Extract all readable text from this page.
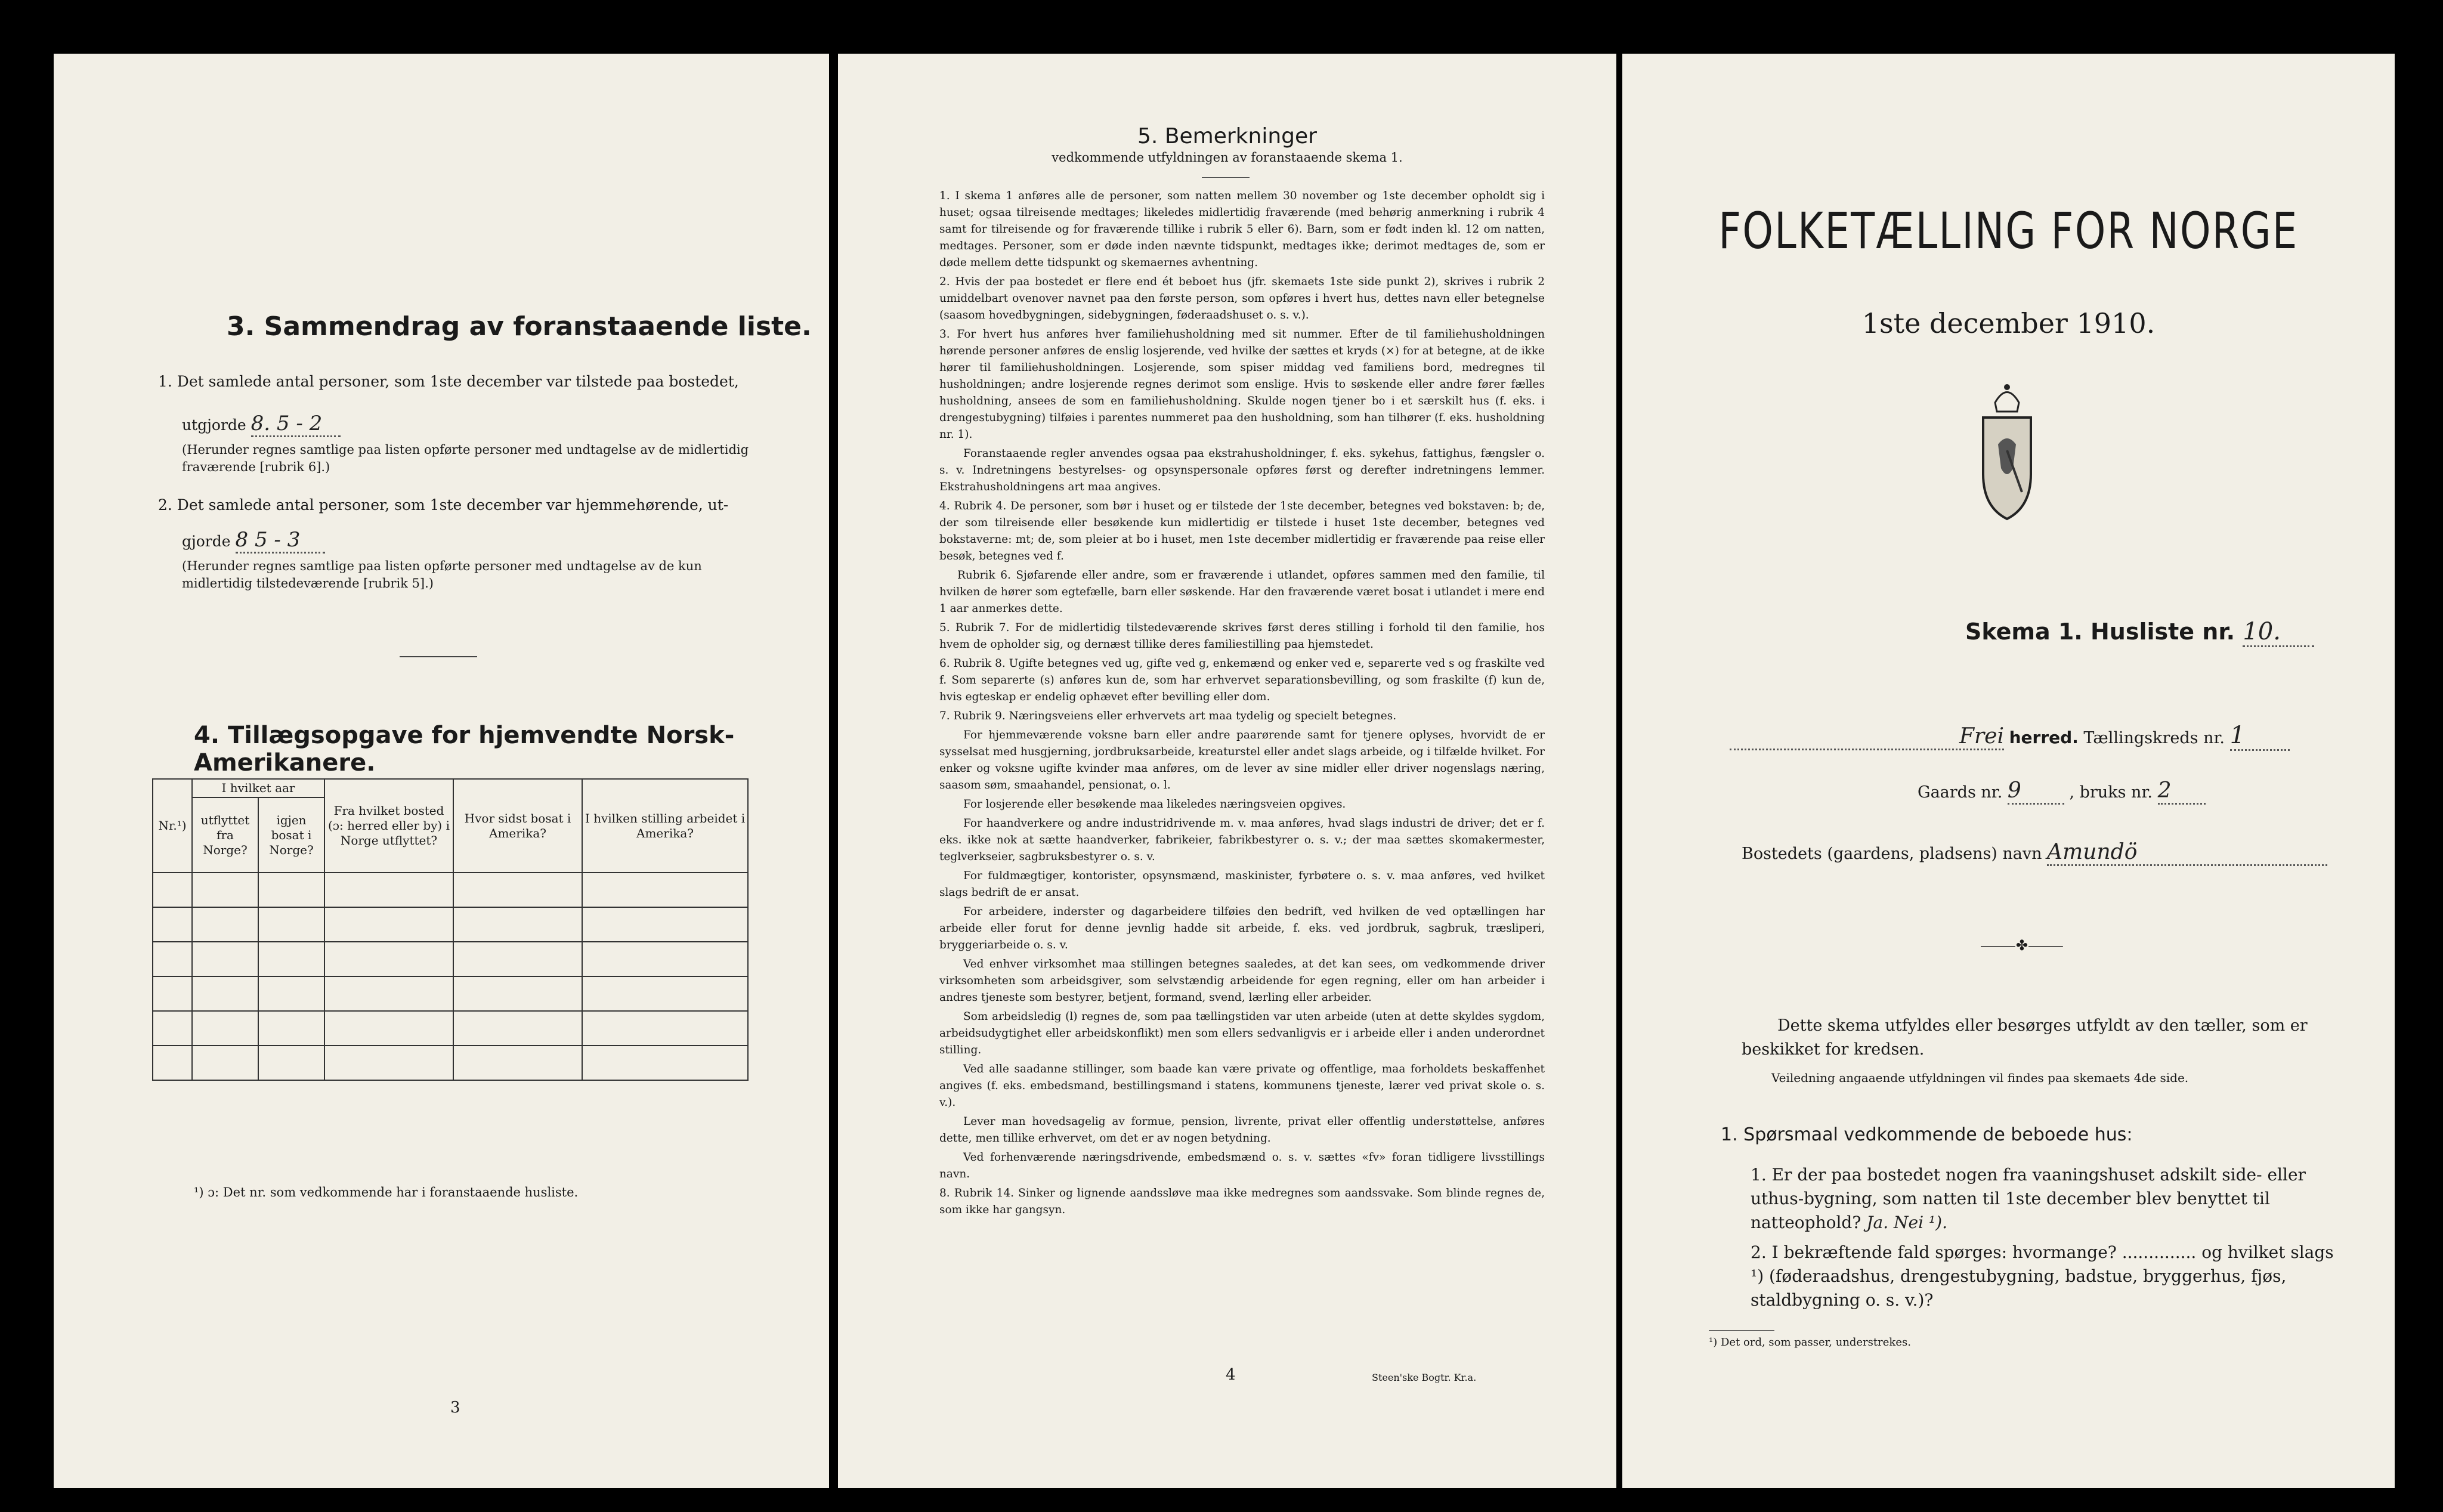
3. Sammendrag av foranstaaende liste.
1. Det samlede antal personer, som 1ste december var tilstede paa bostedet,
utgjorde 8. 5 - 2
(Herunder regnes samtlige paa listen opførte personer med undtagelse av de midlertidig fraværende [rubrik 6].)
2. Det samlede antal personer, som 1ste december var hjemmehørende, ut-
gjorde 8 5 - 3
(Herunder regnes samtlige paa listen opførte personer med undtagelse av de kun midlertidig tilstedeværende [rubrik 5].)
4. Tillægsopgave for hjemvendte Norsk-Amerikanere.
Nr.¹)	I hvilket aar		Fra hvilket bosted (ɔ: herred eller by) i Norge utflyttet?	Hvor sidst bosat i Amerika?	I hvilken stilling arbeidet i Amerika?
	utflyttet fra Norge?	igjen bosat i Norge?			

¹) ɔ: Det nr. som vedkommende har i foranstaaende husliste.
3
5. Bemerkninger
vedkommende utfyldningen av foranstaaende skema 1.

1. I skema 1 anføres alle de personer, som natten mellem 30 november og 1ste december opholdt sig i huset; ogsaa tilreisende medtages; likeledes midlertidig fraværende (med behørig anmerkning i rubrik 4 samt for tilreisende og for fraværende tillike i rubrik 5 eller 6). Barn, som er født inden kl. 12 om natten, medtages. Personer, som er døde inden nævnte tidspunkt, medtages ikke; derimot medtages de, som er døde mellem dette tidspunkt og skemaernes avhentning.

2. Hvis der paa bostedet er flere end ét beboet hus (jfr. skemaets 1ste side punkt 2), skrives i rubrik 2 umiddelbart ovenover navnet paa den første person, som opføres i hvert hus, dettes navn eller betegnelse (saasom hovedbygningen, sidebygningen, føderaadshuset o. s. v.).

3. For hvert hus anføres hver familiehusholdning med sit nummer. Efter de til familiehusholdningen hørende personer anføres de enslig losjerende, ved hvilke der sættes et kryds (×) for at betegne, at de ikke hører til familiehusholdningen. Losjerende, som spiser middag ved familiens bord, medregnes til husholdningen; andre losjerende regnes derimot som enslige. Hvis to søskende eller andre fører fælles husholdning, ansees de som en familiehusholdning. Skulde nogen tjener bo i et særskilt hus (f. eks. i drengestubygning) tilføies i parentes nummeret paa den husholdning, som han tilhører (f. eks. husholdning nr. 1).

Foranstaaende regler anvendes ogsaa paa ekstrahusholdninger, f. eks. sykehus, fattighus, fængsler o. s. v. Indretningens bestyrelses- og opsynspersonale opføres først og derefter indretningens lemmer. Ekstrahusholdningens art maa angives.

4. Rubrik 4. De personer, som bør i huset og er tilstede der 1ste december, betegnes ved bokstaven: b; de, der som tilreisende eller besøkende kun midlertidig er tilstede i huset 1ste december, betegnes ved bokstaverne: mt; de, som pleier at bo i huset, men 1ste december midlertidig er fraværende paa reise eller besøk, betegnes ved f.

Rubrik 6. Sjøfarende eller andre, som er fraværende i utlandet, opføres sammen med den familie, til hvilken de hører som egtefælle, barn eller søskende. Har den fraværende været bosat i utlandet i mere end 1 aar anmerkes dette.

5. Rubrik 7. For de midlertidig tilstedeværende skrives først deres stilling i forhold til den familie, hos hvem de opholder sig, og dernæst tillike deres familiestilling paa hjemstedet.

6. Rubrik 8. Ugifte betegnes ved ug, gifte ved g, enkemænd og enker ved e, separerte ved s og fraskilte ved f. Som separerte (s) anføres kun de, som har erhvervet separationsbevilling, og som fraskilte (f) kun de, hvis egteskap er endelig ophævet efter bevilling eller dom.

7. Rubrik 9. Næringsveiens eller erhvervets art maa tydelig og specielt betegnes.

For hjemmeværende voksne barn eller andre paarørende samt for tjenere oplyses, hvorvidt de er sysselsat med husgjerning, jordbruksarbeide, kreaturstel eller andet slags arbeide, og i tilfælde hvilket. For enker og voksne ugifte kvinder maa anføres, om de lever av sine midler eller driver nogenslags næring, saasom søm, smaahandel, pensionat, o. l.

For losjerende eller besøkende maa likeledes næringsveien opgives.

For haandverkere og andre industridrivende m. v. maa anføres, hvad slags industri de driver; det er f. eks. ikke nok at sætte haandverker, fabrikeier, fabrikbestyrer o. s. v.; der maa sættes skomakermester, teglverkseier, sagbruksbestyrer o. s. v.

For fuldmægtiger, kontorister, opsynsmænd, maskinister, fyrbøtere o. s. v. maa anføres, ved hvilket slags bedrift de er ansat.

For arbeidere, inderster og dagarbeidere tilføies den bedrift, ved hvilken de ved optællingen har arbeide eller forut for denne jevnlig hadde sit arbeide, f. eks. ved jordbruk, sagbruk, træsliperi, bryggeriarbeide o. s. v.

Ved enhver virksomhet maa stillingen betegnes saaledes, at det kan sees, om vedkommende driver virksomheten som arbeidsgiver, som selvstændig arbeidende for egen regning, eller om han arbeider i andres tjeneste som bestyrer, betjent, formand, svend, lærling eller arbeider.

Som arbeidsledig (l) regnes de, som paa tællingstiden var uten arbeide (uten at dette skyldes sygdom, arbeidsudygtighet eller arbeidskonflikt) men som ellers sedvanligvis er i arbeide eller i anden underordnet stilling.

Ved alle saadanne stillinger, som baade kan være private og offentlige, maa forholdets beskaffenhet angives (f. eks. embedsmand, bestillingsmand i statens, kommunens tjeneste, lærer ved privat skole o. s. v.).

Lever man hovedsagelig av formue, pension, livrente, privat eller offentlig understøttelse, anføres dette, men tillike erhvervet, om det er av nogen betydning.

Ved forhenværende næringsdrivende, embedsmænd o. s. v. sættes «fv» foran tidligere livsstillings navn.

8. Rubrik 14. Sinker og lignende aandssløve maa ikke medregnes som aandssvake. Som blinde regnes de, som ikke har gangsyn.

4	Steen'ske Bogtr. Kr.a.
FOLKETÆLLING FOR NORGE
1ste december 1910.
Skema 1. Husliste nr. 10.
Frei herred. Tællingskreds nr. 1
Gaards nr. 9	, bruks nr. 2
Bostedets (gaardens, pladsens) navn Amundö
⸻✤⸻
Dette skema utfyldes eller besørges utfyldt av den tæller, som er beskikket for kredsen.
Veiledning angaaende utfyldningen vil findes paa skemaets 4de side.
1. Spørsmaal vedkommende de beboede hus:
1. Er der paa bostedet nogen fra vaaningshuset adskilt side- eller uthus-bygning, som natten til 1ste december blev benyttet til natteophold? Ja. Nei ¹).
2. I bekræftende fald spørges: hvormange? .............. og hvilket slags ¹) (føderaadshus, drengestubygning, badstue, bryggerhus, fjøs, staldbygning o. s. v.)?
¹) Det ord, som passer, understrekes.
